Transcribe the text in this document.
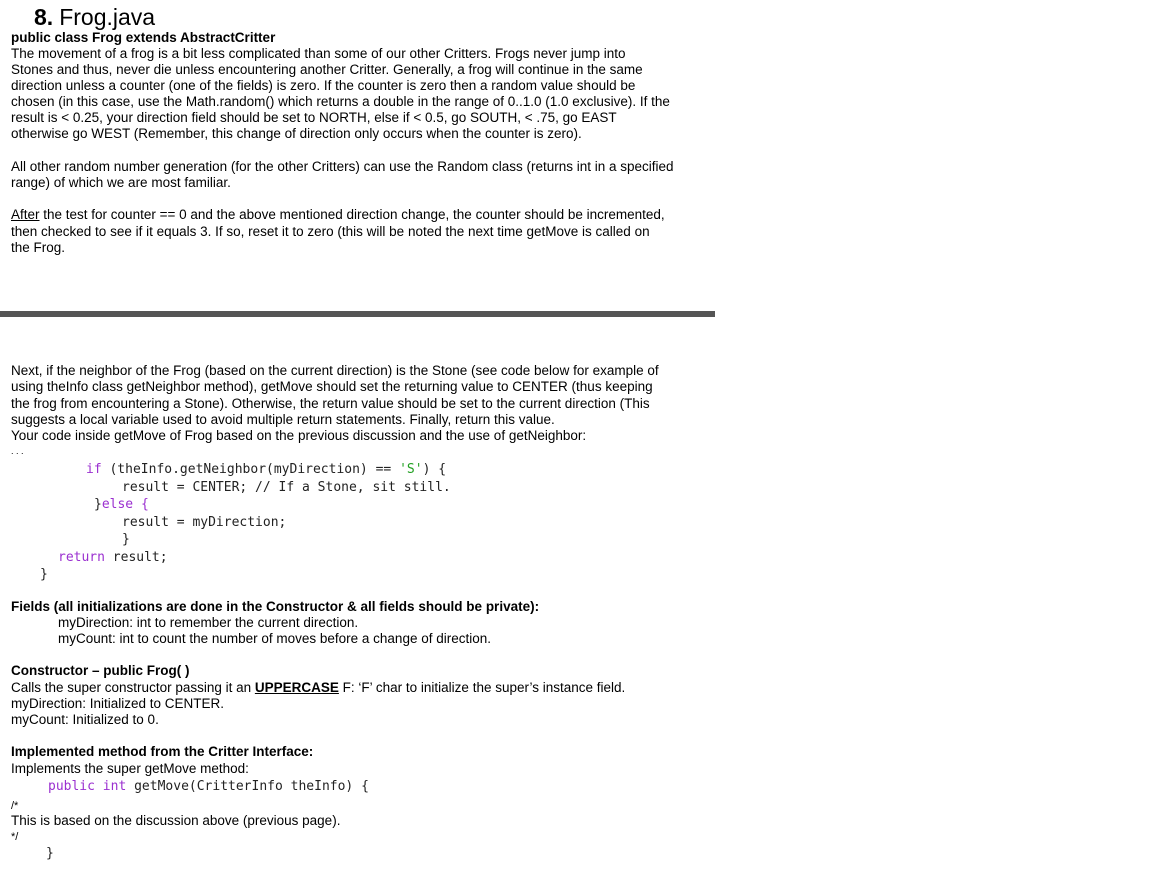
8. Frog.java
public class Frog extends AbstractCritter
The movement of a frog is a bit less complicated than some of our other Critters. Frogs never jump into
Stones and thus, never die unless encountering another Critter. Generally, a frog will continue in the same
direction unless a counter (one of the fields) is zero. If the counter is zero then a random value should be
chosen (in this case, use the Math.random() which returns a double in the range of 0..1.0 (1.0 exclusive). If the
result is < 0.25, your direction field should be set to NORTH, else if < 0.5, go SOUTH, < .75, go EAST
otherwise go WEST (Remember, this change of direction only occurs when the counter is zero).
All other random number generation (for the other Critters) can use the Random class (returns int in a specified
range) of which we are most familiar.
After the test for counter == 0 and the above mentioned direction change, the counter should be incremented,
then checked to see if it equals 3. If so, reset it to zero (this will be noted the next time getMove is called on
the Frog.
Next, if the neighbor of the Frog (based on the current direction) is the Stone (see code below for example of
using theInfo class getNeighbor method), getMove should set the returning value to CENTER (thus keeping
the frog from encountering a Stone). Otherwise, the return value should be set to the current direction (This
suggests a local variable used to avoid multiple return statements. Finally, return this value.
Your code inside getMove of Frog based on the previous discussion and the use of getNeighbor:
. . .
if (theInfo.getNeighbor(myDirection) == 'S') {
result = CENTER; // If a Stone, sit still.
}else {
result = myDirection;
}
return result;
}
Fields (all initializations are done in the Constructor & all fields should be private):
myDirection: int to remember the current direction.
myCount: int to count the number of moves before a change of direction.
Constructor – public Frog( )
Calls the super constructor passing it an UPPERCASE F: ‘F’ char to initialize the super’s instance field.
myDirection: Initialized to CENTER.
myCount: Initialized to 0.
Implemented method from the Critter Interface:
Implements the super getMove method:
public int getMove(CritterInfo theInfo) {
/*
This is based on the discussion above (previous page).
*/
}
